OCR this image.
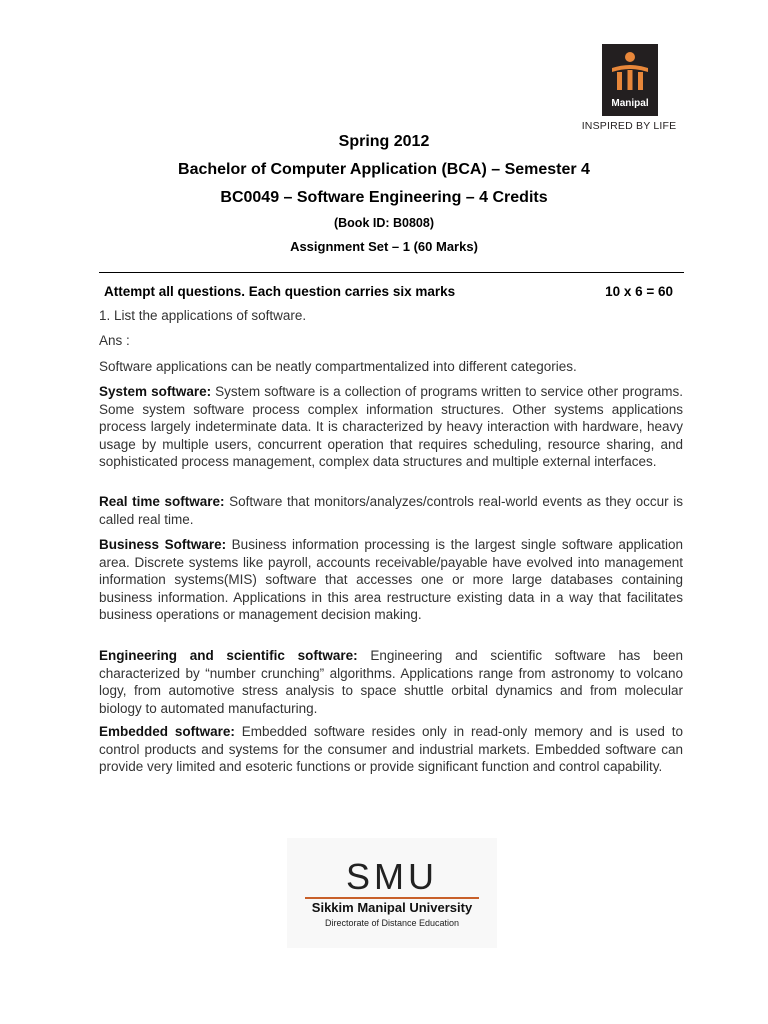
Manipal
INSPIRED BY LIFE
Spring 2012
Bachelor of Computer Application (BCA) – Semester 4
BC0049 – Software Engineering – 4 Credits
(Book ID: B0808)
Assignment Set – 1 (60 Marks)
Attempt all questions. Each question carries six marks	10 x 6 = 60
1. List the applications of software.
Ans :
Software applications can be neatly compartmentalized into different categories.
System software: System software is a collection of programs written to service other programs. Some system software process complex information structures. Other systems applications process largely indeterminate data. It is characterized by heavy interaction with hardware, heavy usage by multiple users, concurrent operation that requires scheduling, resource sharing, and sophisticated process management, complex data structures and multiple external interfaces.
Real time software: Software that monitors/analyzes/controls real-world events as they occur is called real time.
Business Software: Business information processing is the largest single software application area. Discrete systems like payroll, accounts receivable/payable have evolved into management information systems(MIS) software that accesses one or more large databases containing business information. Applications in this area restructure existing data in a way that facilitates business operations or management decision making.
Engineering and scientific software: Engineering and scientific software has been characterized by “number crunching” algorithms. Applications range from astronomy to volcano logy, from automotive stress analysis to space shuttle orbital dynamics and from molecular biology to automated manufacturing.
Embedded software: Embedded software resides only in read-only memory and is used to control products and systems for the consumer and industrial markets. Embedded software can provide very limited and esoteric functions or provide significant function and control capability.
SMU
Sikkim Manipal University
Directorate of Distance Education
